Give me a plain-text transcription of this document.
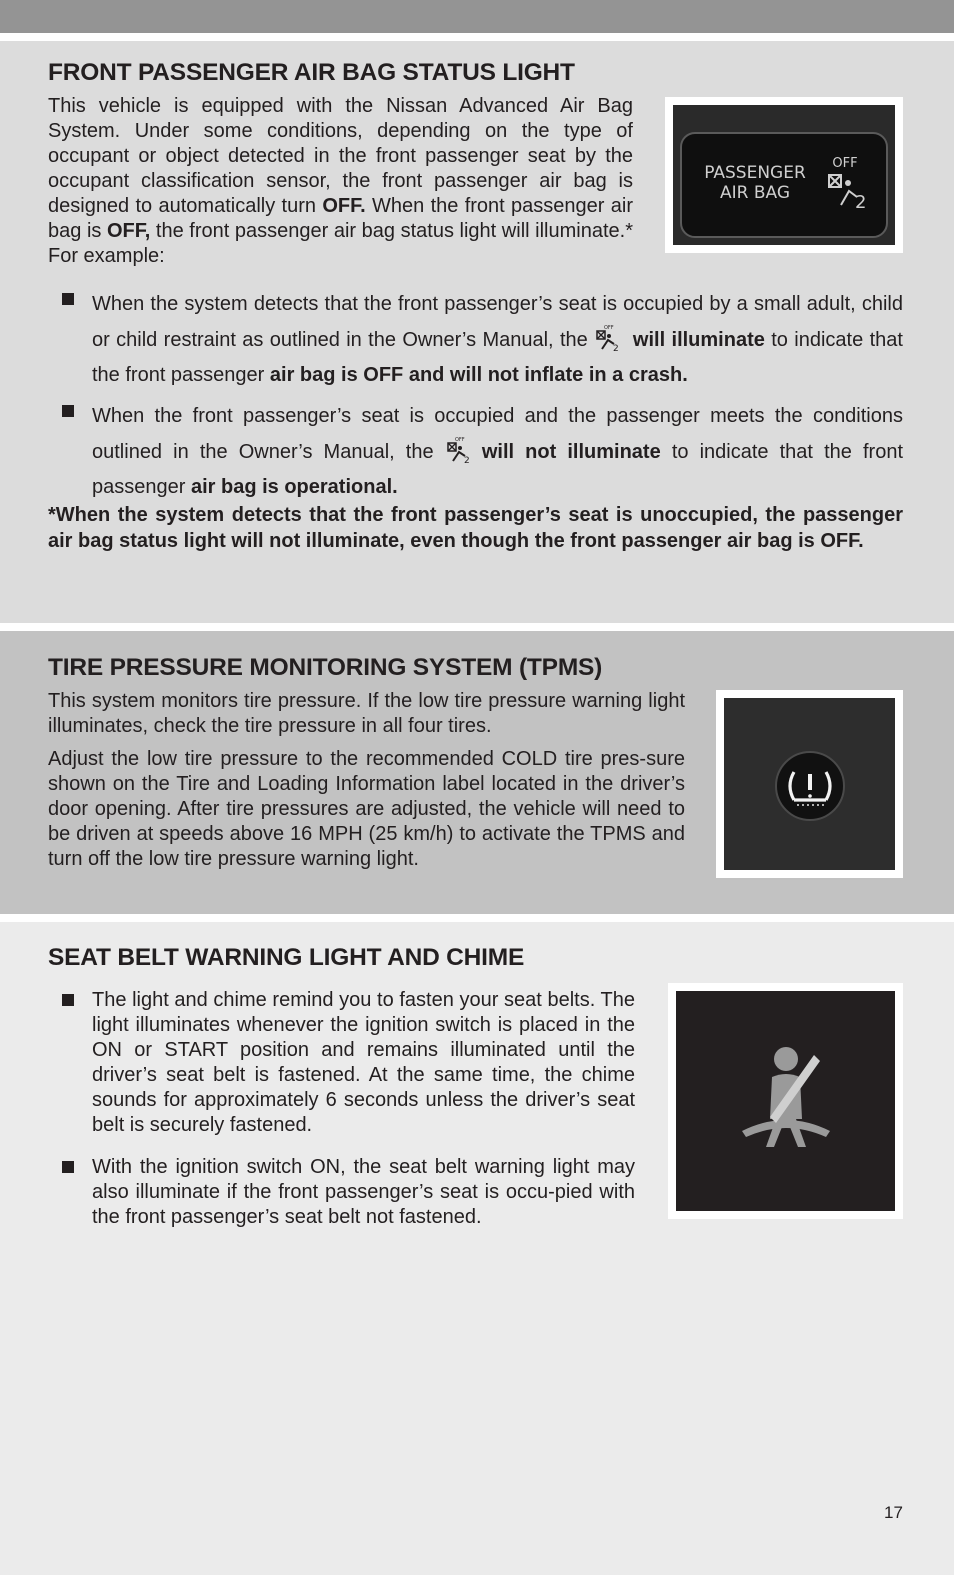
FRONT PASSENGER AIR BAG STATUS LIGHT

This vehicle is equipped with the Nissan Advanced Air Bag System. Under some conditions, depending on the type of occupant or object detected in the front passenger seat by the occupant classification sensor, the front passenger air bag is designed to automatically turn OFF. When the front passenger air bag is OFF, the front passenger air bag status light will illuminate.* For example:

PASSENGER
AIR BAG
OFF
2

When the system detects that the front passenger’s seat is occupied by a small adult, child or child restraint as outlined in the Owner’s Manual, the
OFF
2 will illuminate to indicate that the front passenger air bag is OFF and will not inflate in a crash.

When the front passenger’s seat is occupied and the passenger meets the conditions outlined in the Owner’s Manual, the
OFF
2 will not illuminate to indicate that the front passenger air bag is operational.

*When the system detects that the front passenger’s seat is unoccupied, the passenger air bag status light will not illuminate, even though the front passenger air bag is OFF.

TIRE PRESSURE MONITORING SYSTEM (TPMS)

This system monitors tire pressure. If the low tire pressure warning light illuminates, check the tire pressure in all four tires.

Adjust the low tire pressure to the recommended COLD tire pres-sure shown on the Tire and Loading Information label located in the driver’s door opening. After tire pressures are adjusted, the vehicle will need to be driven at speeds above 16 MPH (25 km/h) to activate the TPMS and turn off the low tire pressure warning light.

SEAT BELT WARNING LIGHT AND CHIME

The light and chime remind you to fasten your seat belts. The light illuminates whenever the ignition switch is placed in the ON or START position and remains illuminated until the driver’s seat belt is fastened. At the same time, the chime sounds for approximately 6 seconds unless the driver’s seat belt is securely fastened.

With the ignition switch ON, the seat belt warning light may also illuminate if the front passenger’s seat is occu-pied with the front passenger’s seat belt not fastened.

17
